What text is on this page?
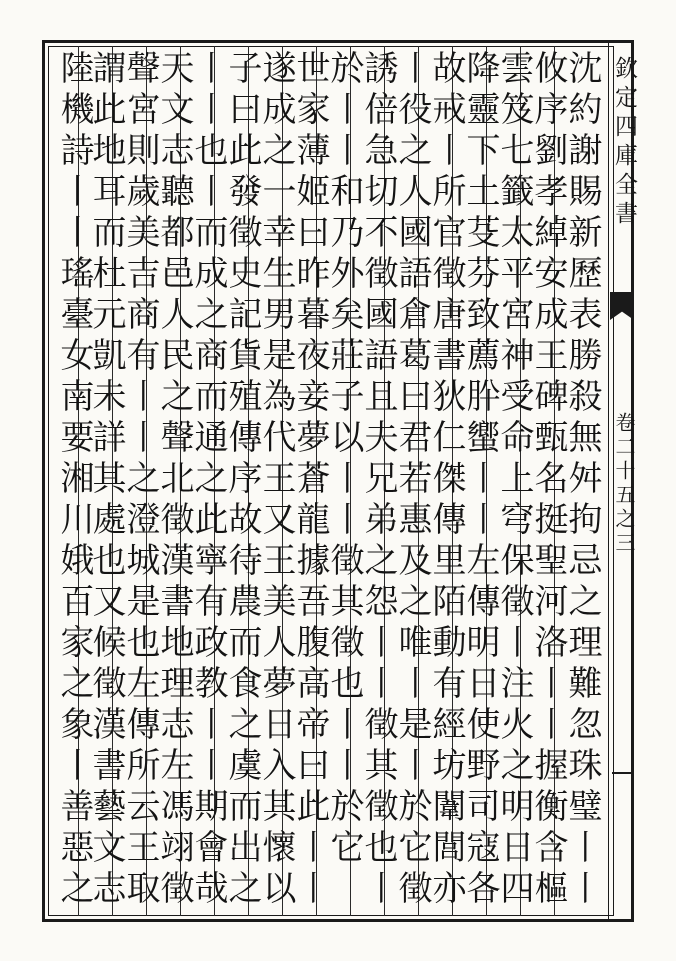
欽定四庫全書
卷二十五之三
沈約謝賜新歷表勝殺無舛拘忌之理難忽珠璧丨丨
攸序劉孝綽安成王碑甄名挺聖河洛丨丨握衡含樞
雲笈七籤太平宮神受命上穹保徵丨注火之明日四
降靈下土芟芬致薦肸蠁丨丨左傳明日使野司寇各
故戒丨所官徵唐書狄仁傑傳里陌動有經坊闈閭亦
丨役之人國語倉葛曰君若惠及之唯丨是丨於它徵
誘倍急切不徵國語且夫兄弟之怨丨丨徵其徵也丨
於丨丨和乃外矣莊子以丨丨徵其徵也丨丨於它
世家薄姬曰昨暮夜妾夢蒼龍據吾腹高帝曰此丨丨
遂成之一幸生男是為代王又王美人夢日入其懷以
子曰此發徵史記貨殖傳序故待農而食之虞而出之
丨丨也丨而成之商而通之此寧有政教丨丨期會哉
天文志聽都邑人民之聲北徵漢書地理志左馮翊徵
聲宮則歲美吉商有丨丨之澄城是也左傳所云王取
謂此地耳而杜元凱未詳其處也又候徵漢書藝文志
陸機詩丨丨瑤臺女南要湘川娥百家之象丨善惡之
